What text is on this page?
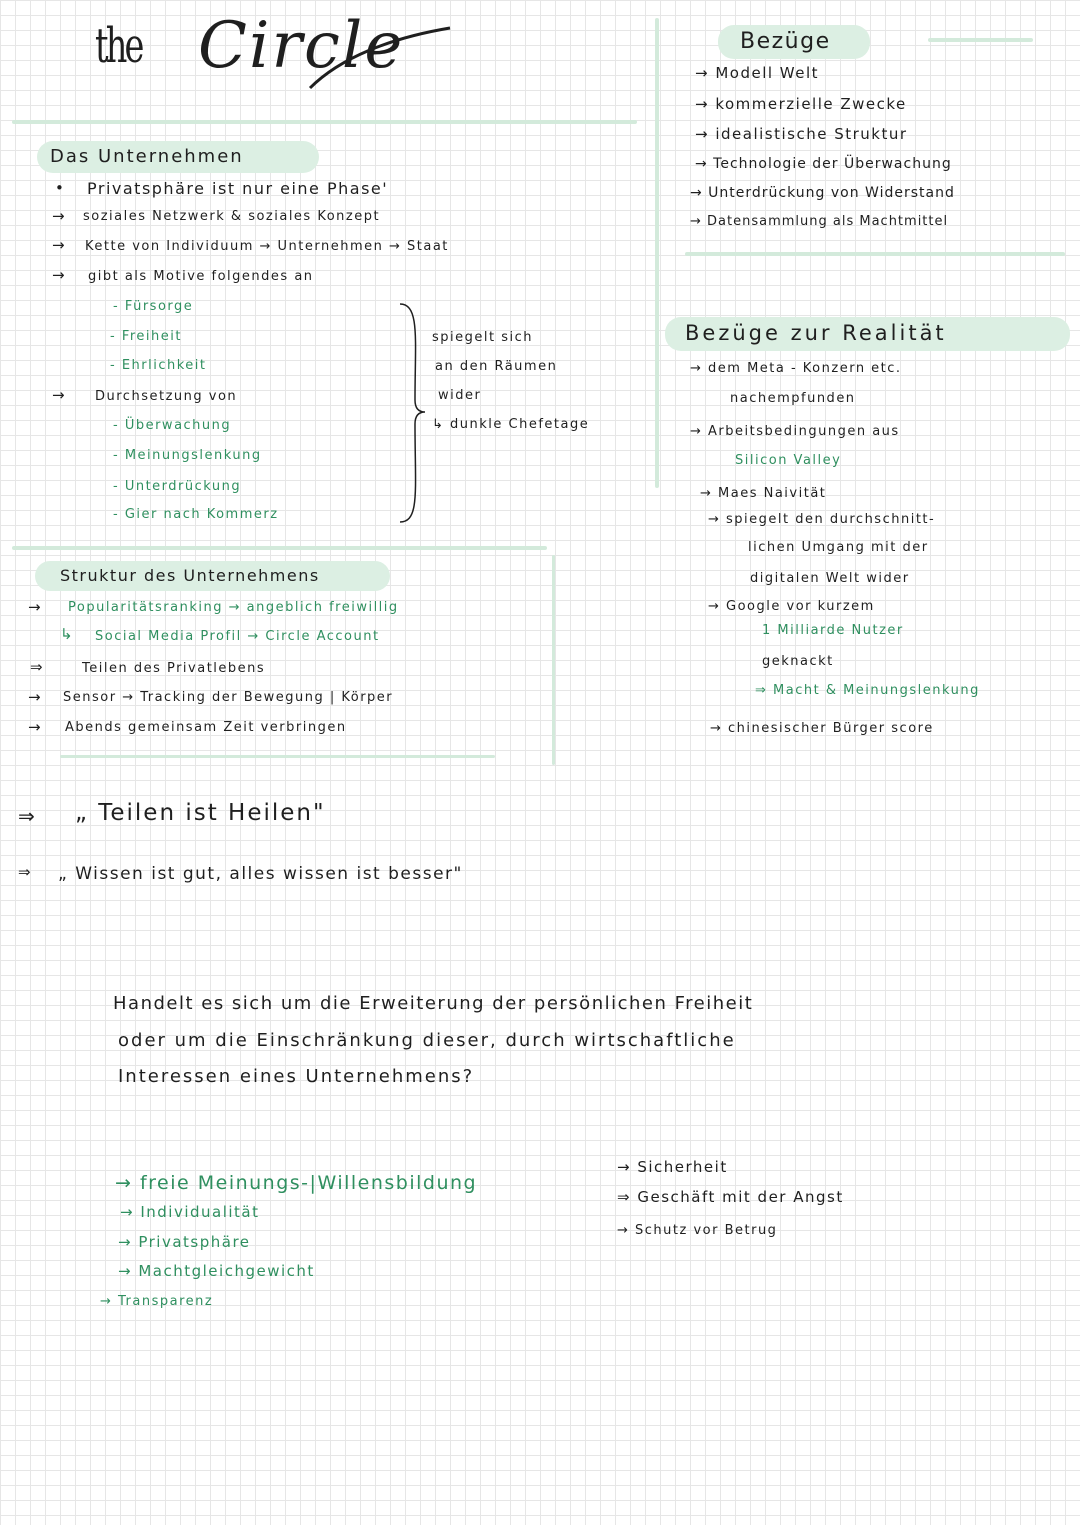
the Circle
Das Unternehmen
• Privatsphäre ist nur eine Phase'
→ soziales Netzwerk & soziales Konzept
→ Kette von Individuum → Unternehmen → Staat
→ gibt als Motive folgendes an
- Fürsorge
- Freiheit
- Ehrlichkeit
→ Durchsetzung von
- Überwachung
- Meinungslenkung
- Unterdrückung
- Gier nach Kommerz
spiegelt sich
an den Räumen
wider
↳ dunkle Chefetage
Struktur des Unternehmens
→ Popularitätsranking → angeblich freiwillig
↳ Social Media Profil → Circle Account
⇒	Teilen des Privatlebens
→ Sensor → Tracking der Bewegung | Körper
→ Abends gemeinsam Zeit verbringen
⇒ „ Teilen ist Heilen"
⇒ „ Wissen ist gut, alles wissen ist besser"
Bezüge
→ Modell Welt
→ kommerzielle Zwecke
→ idealistische Struktur
→ Technologie der Überwachung
→ Unterdrückung von Widerstand
→ Datensammlung als Machtmittel
Bezüge zur Realität
→ dem Meta - Konzern etc.
nachempfunden
→ Arbeitsbedingungen aus
Silicon Valley
→ Maes Naivität
→ spiegelt den durchschnitt-
lichen Umgang mit der
digitalen Welt wider
→ Google vor kurzem
1 Milliarde Nutzer
geknackt
⇒ Macht & Meinungslenkung
→ chinesischer Bürger score
Handelt es sich um die Erweiterung der persönlichen Freiheit
oder um die Einschränkung dieser, durch wirtschaftliche
Interessen eines Unternehmens?
→ freie Meinungs-|Willensbildung
→ Individualität
→ Privatsphäre
→ Machtgleichgewicht
→ Transparenz
→ Sicherheit
⇒ Geschäft mit der Angst
→ Schutz vor Betrug
